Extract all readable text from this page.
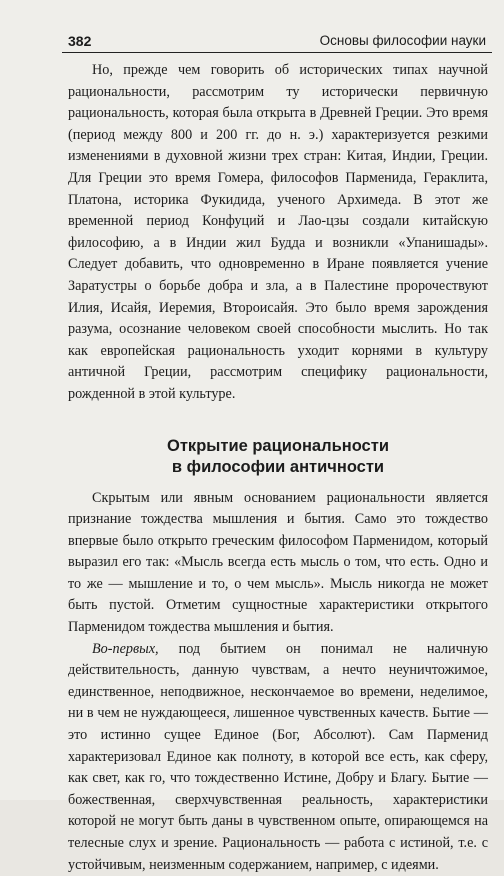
382	Основы философии науки

Но, прежде чем говорить об исторических типах научной рациональности, рассмотрим ту исторически первичную рациональность, которая была открыта в Древней Греции. Это время (период между 800 и 200 гг. до н. э.) характеризуется резкими изменениями в духовной жизни трех стран: Китая, Индии, Греции. Для Греции это время Гомера, философов Парменида, Гераклита, Платона, историка Фукидида, ученого Архимеда. В этот же временной период Конфуций и Лао-цзы создали китайскую философию, а в Индии жил Будда и возникли «Упанишады». Следует добавить, что одновременно в Иране появляется учение Заратустры о борьбе добра и зла, а в Палестине пророчествуют Илия, Исайя, Иеремия, Второисайя. Это было время зарождения разума, осознание человеком своей способности мыслить. Но так как европейская рациональность уходит корнями в культуру античной Греции, рассмотрим специфику рациональности, рожденной в этой культуре.

Открытие рациональности
в философии античности

Скрытым или явным основанием рациональности является признание тождества мышления и бытия. Само это тождество впервые было открыто греческим философом Парменидом, который выразил его так: «Мысль всегда есть мысль о том, что есть. Одно и то же — мышление и то, о чем мысль». Мысль никогда не может быть пустой. Отметим сущностные характеристики открытого Парменидом тождества мышления и бытия.

Во-первых, под бытием он понимал не наличную действительность, данную чувствам, а нечто неуничтожимое, единственное, неподвижное, нескончаемое во времени, неделимое, ни в чем не нуждающееся, лишенное чувственных качеств. Бытие — это истинно сущее Единое (Бог, Абсолют). Сам Парменид характеризовал Единое как полноту, в которой все есть, как сферу, как свет, как го, что тождественно Истине, Добру и Благу. Бытие — божественная, сверхчувственная реальность, характеристики которой не могут быть даны в чувственном опыте, опирающемся на телесные слух и зрение. Рациональность — работа с истиной, т.е. с устойчивым, неизменным содержанием, например, с идеями.
